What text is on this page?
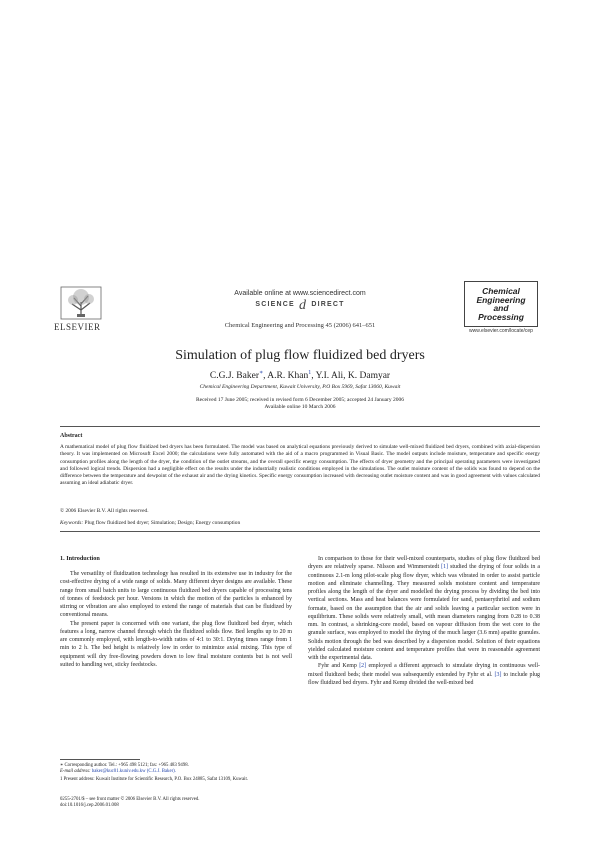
ELSEVIER
Available online at www.sciencedirect.com
SCIENCE d DIRECT
Chemical Engineering and Processing 45 (2006) 641–651
Chemical
Engineering
and
Processing
www.elsevier.com/locate/cep
Simulation of plug flow fluidized bed dryers
C.G.J. Baker∗, A.R. Khan$^1$, Y.I. Ali, K. Damyar
Chemical Engineering Department, Kuwait University, P.O Box 5969, Safat 13060, Kuwait
Received 17 June 2005; received in revised form 6 December 2005; accepted 24 January 2006
Available online 10 March 2006
Abstract
A mathematical model of plug flow fluidized bed dryers has been formulated. The model was based on analytical equations previously derived to simulate well-mixed fluidized bed dryers, combined with axial-dispersion theory. It was implemented on Microsoft Excel 2000; the calculations were fully automated with the aid of a macro programmed in Visual Basic. The model outputs include moisture, temperature and specific energy consumption profiles along the length of the dryer, the condition of the outlet streams, and the overall specific energy consumption. The effects of dryer geometry and the principal operating parameters were investigated and followed logical trends. Dispersion had a negligible effect on the results under the industrially realistic conditions employed in the simulations. The outlet moisture content of the solids was found to depend on the difference between the temperature and dewpoint of the exhaust air and the drying kinetics. Specific energy consumption increased with decreasing outlet moisture content and was in good agreement with values calculated assuming an ideal adiabatic dryer.
© 2006 Elsevier B.V. All rights reserved.
Keywords: Plug flow fluidized bed dryer; Simulation; Design; Energy consumption
1. Introduction

The versatility of fluidization technology has resulted in its extensive use in industry for the cost-effective drying of a wide range of solids. Many different dryer designs are available. These range from small batch units to large continuous fluidized bed dryers capable of processing tens of tonnes of feedstock per hour. Versions in which the motion of the particles is enhanced by stirring or vibration are also employed to extend the range of materials that can be fluidized by conventional means.

The present paper is concerned with one variant, the plug flow fluidized bed dryer, which features a long, narrow channel through which the fluidized solids flow. Bed lengths up to 20 m are commonly employed, with length-to-width ratios of 4:1 to 30:1. Drying times range from 1 min to 2 h. The bed height is relatively low in order to minimize axial mixing. This type of equipment will dry free-flowing powders down to low final moisture contents but is not well suited to handling wet, sticky feedstocks.

In comparison to those for their well-mixed counterparts, studies of plug flow fluidized bed dryers are relatively sparse. Nilsson and Wimmerstedt [1] studied the drying of four solids in a continuous 2.1-m long pilot-scale plug flow dryer, which was vibrated in order to assist particle motion and eliminate channelling. They measured solids moisture content and temperature profiles along the length of the dryer and modelled the drying process by dividing the bed into vertical sections. Mass and heat balances were formulated for sand, pentaerythritol and sodium formate, based on the assumption that the air and solids leaving a particular section were in equilibrium. These solids were relatively small, with mean diameters ranging from 0.28 to 0.38 mm. In contrast, a shrinking-core model, based on vapour diffusion from the wet core to the granule surface, was employed to model the drying of the much larger (3.6 mm) apatite granules. Solids motion through the bed was described by a dispersion model. Solution of their equations yielded calculated moisture content and temperature profiles that were in reasonable agreement with the experimental data.

Fyhr and Kemp [2] employed a different approach to simulate drying in continuous well-mixed fluidized beds; their model was subsequently extended by Fyhr et al. [3] to include plug flow fluidized bed dryers. Fyhr and Kemp divided the well-mixed bed

∗ Corresponding author. Tel.: +965 498 5121; fax: +965 483 9498.
E-mail address: baker@kuc01.kuniv.edu.kw (C.G.J. Baker).
1 Present address: Kuwait Institute for Scientific Research, P.O. Box 24885, Safat 13109, Kuwait.
0255-2701/$ – see front matter © 2006 Elsevier B.V. All rights reserved.
doi:10.1016/j.cep.2006.01.008
